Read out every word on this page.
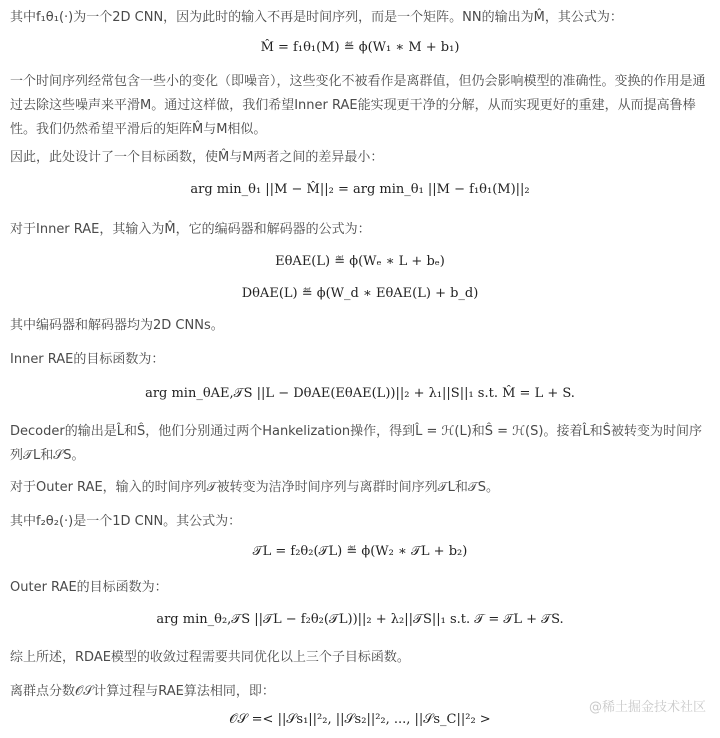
其中f₁θ₁(·)为一个2D CNN，因为此时的输入不再是时间序列，而是一个矩阵。NN的输出为M̂，其公式为：
M̂ = f₁θ₁(M) ≝ ϕ(W₁ ∗ M + b₁)
一个时间序列经常包含一些小的变化（即噪音），这些变化不被看作是离群值，但仍会影响模型的准确性。变换的作用是通过去除这些噪声来平滑M。通过这样做，我们希望Inner RAE能实现更干净的分解，从而实现更好的重建，从而提高鲁棒性。我们仍然希望平滑后的矩阵M̂与M相似。
因此，此处设计了一个目标函数，使M̂与M两者之间的差异最小：
arg min_θ₁ ||M − M̂||₂ = arg min_θ₁ ||M − f₁θ₁(M)||₂
对于Inner RAE，其输入为M̂，它的编码器和解码器的公式为：
EθAE(L) ≝ ϕ(Wₑ ∗ L + bₑ)
DθAE(L) ≝ ϕ(W_d ∗ EθAE(L) + b_d)
其中编码器和解码器均为2D CNNs。
Inner RAE的目标函数为：
arg min_θAE,𝒯S ||L − DθAE(EθAE(L))||₂ + λ₁||S||₁ s.t. M̂ = L + S.
Decoder的输出是L̂和Ŝ，他们分别通过两个Hankelization操作，得到L̂ = ℋ(L)和Ŝ = ℋ(S)。接着L̂和Ŝ被转变为时间序列𝒯L和𝒮S。
对于Outer RAE，输入的时间序列𝒯被转变为洁净时间序列与离群时间序列𝒯L和𝒯S。
其中f₂θ₂(·)是一个1D CNN。其公式为：
𝒯L = f₂θ₂(𝒯L) ≝ ϕ(W₂ ∗ 𝒯L + b₂)
Outer RAE的目标函数为：
arg min_θ₂,𝒯S ||𝒯L − f₂θ₂(𝒯L))||₂ + λ₂||𝒯S||₁ s.t. 𝒯 = 𝒯L + 𝒯S.
综上所述，RDAE模型的收敛过程需要共同优化以上三个子目标函数。
离群点分数𝒪𝒮计算过程与RAE算法相同，即：
𝒪𝒮 =< ||𝒮s₁||²₂, ||𝒮s₂||²₂, ..., ||𝒮s_C||²₂ >
@稀土掘金技术社区
